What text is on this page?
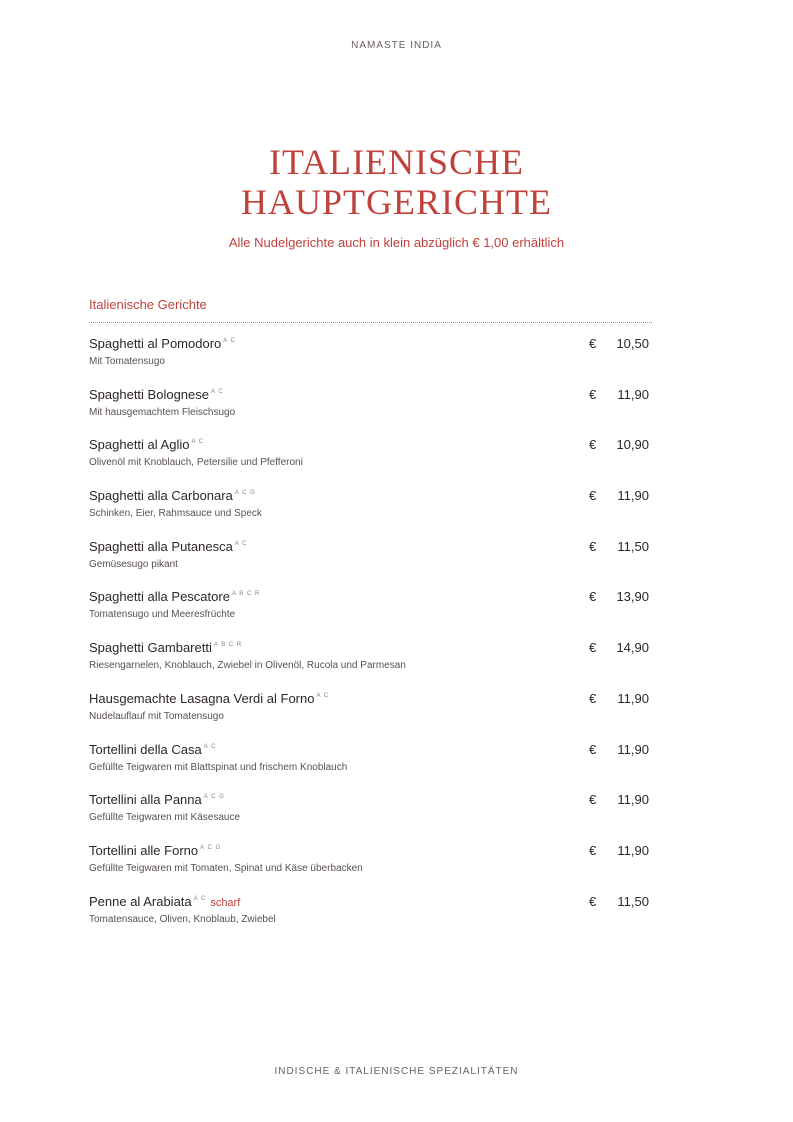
NAMASTE INDIA
ITALIENISCHE
HAUPTGERICHTE
Alle Nudelgerichte auch in klein abzüglich € 1,00 erhältlich
Italienische Gerichte
Spaghetti al Pomodoro $^{A C}$
Mit Tomatensugo
€	10,50
Spaghetti Bolognese $^{A C}$
Mit hausgemachtem Fleischsugo
€	11,90
Spaghetti al Aglio $^{A C}$
Olivenöl mit Knoblauch, Petersilie und Pfefferoni
€	10,90
Spaghetti alla Carbonara $^{A C G}$
Schinken, Eier, Rahmsauce und Speck
€	11,90
Spaghetti alla Putanesca $^{A C}$
Gemüsesugo pikant
€	11,50
Spaghetti alla Pescatore $^{A B C R}$
Tomatensugo und Meeresfrüchte
€	13,90
Spaghetti Gambaretti $^{A B C R}$
Riesengarnelen, Knoblauch, Zwiebel in Olivenöl, Rucola und Parmesan
€	14,90
Hausgemachte Lasagna Verdi al Forno $^{A C}$
Nudelauflauf mit Tomatensugo
€	11,90
Tortellini della Casa $^{A C}$
Gefüllte Teigwaren mit Blattspinat und frischem Knoblauch
€	11,90
Tortellini alla Panna $^{A C G}$
Gefüllte Teigwaren mit Käsesauce
€	11,90
Tortellini alle Forno $^{A C G}$
Gefüllte Teigwaren mit Tomaten, Spinat und Käse überbacken
€	11,90
Penne al Arabiata $^{A C}$ scharf
Tomatensauce, Oliven, Knoblaub, Zwiebel
€	11,50
INDISCHE & ITALIENISCHE SPEZIALITÄTEN
